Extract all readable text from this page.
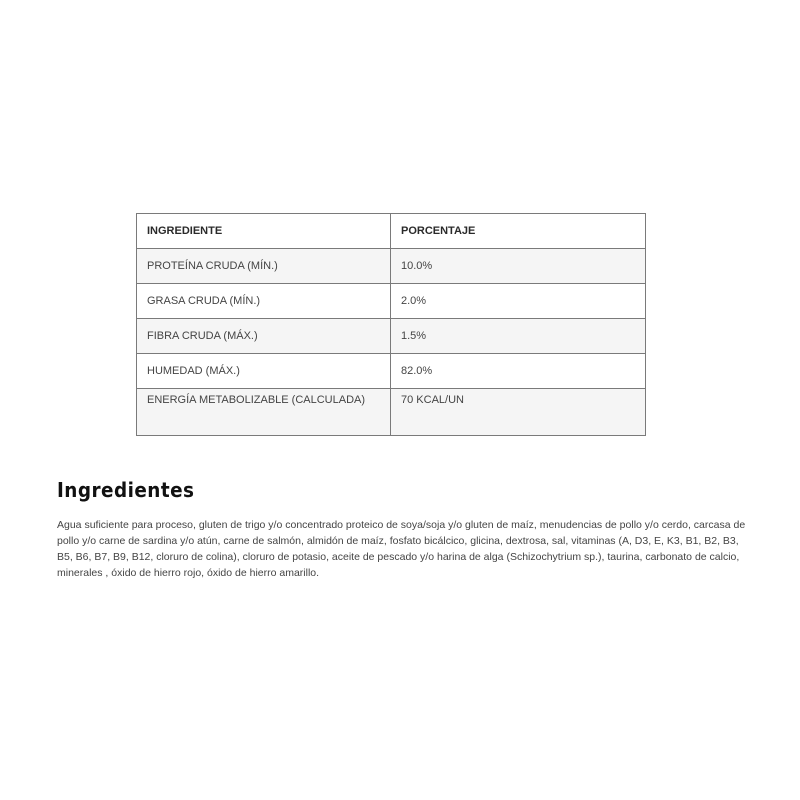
INGREDIENTE	PORCENTAJE
PROTEÍNA CRUDA (MÍN.)	10.0%
GRASA CRUDA (MÍN.)	2.0%
FIBRA CRUDA (MÁX.)	1.5%
HUMEDAD (MÁX.)	82.0%
ENERGÍA METABOLIZABLE (CALCULADA)	70 KCAL/UN
Ingredientes

Agua suficiente para proceso, gluten de trigo y/o concentrado proteico de soya/soja y/o gluten de maíz, menudencias de pollo y/o cerdo, carcasa de pollo y/o carne de sardina y/o atún, carne de salmón, almidón de maíz, fosfato bicálcico, glicina, dextrosa, sal, vitaminas (A, D3, E, K3, B1, B2, B3, B5, B6, B7, B9, B12, cloruro de colina), cloruro de potasio, aceite de pescado y/o harina de alga (Schizochytrium sp.), taurina, carbonato de calcio, minerales , óxido de hierro rojo, óxido de hierro amarillo.
